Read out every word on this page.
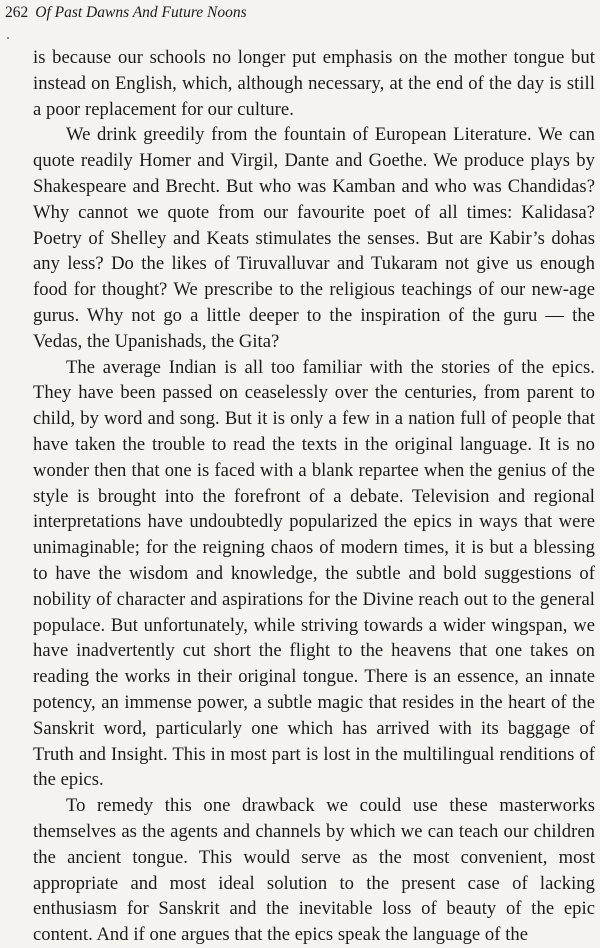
262 Of Past Dawns And Future Noons

is because our schools no longer put emphasis on the mother tongue but instead on English, which, although necessary, at the end of the day is still a poor replacement for our culture.

We drink greedily from the fountain of European Literature. We can quote readily Homer and Virgil, Dante and Goethe. We produce plays by Shakespeare and Brecht. But who was Kamban and who was Chandidas? Why cannot we quote from our favourite poet of all times: Kalidasa? Poetry of Shelley and Keats stimulates the senses. But are Kabir’s dohas any less? Do the likes of Tiruvalluvar and Tukaram not give us enough food for thought? We prescribe to the religious teachings of our new-age gurus. Why not go a little deeper to the inspiration of the guru — the Vedas, the Upanishads, the Gita?

The average Indian is all too familiar with the stories of the epics. They have been passed on ceaselessly over the centuries, from parent to child, by word and song. But it is only a few in a nation full of people that have taken the trouble to read the texts in the original language. It is no wonder then that one is faced with a blank repartee when the genius of the style is brought into the forefront of a debate. Television and regional interpretations have undoubtedly popularized the epics in ways that were unimaginable; for the reigning chaos of modern times, it is but a blessing to have the wisdom and knowledge, the subtle and bold suggestions of nobility of character and aspirations for the Divine reach out to the general populace. But unfortunately, while striving towards a wider wingspan, we have inadvertently cut short the flight to the heavens that one takes on reading the works in their original tongue. There is an essence, an innate potency, an immense power, a subtle magic that resides in the heart of the Sanskrit word, particularly one which has arrived with its baggage of Truth and Insight. This in most part is lost in the multilingual renditions of the epics.

To remedy this one drawback we could use these masterworks themselves as the agents and channels by which we can teach our children the ancient tongue. This would serve as the most convenient, most appropriate and most ideal solution to the present case of lacking enthusiasm for Sanskrit and the inevitable loss of beauty of the epic content. And if one argues that the epics speak the language of the
